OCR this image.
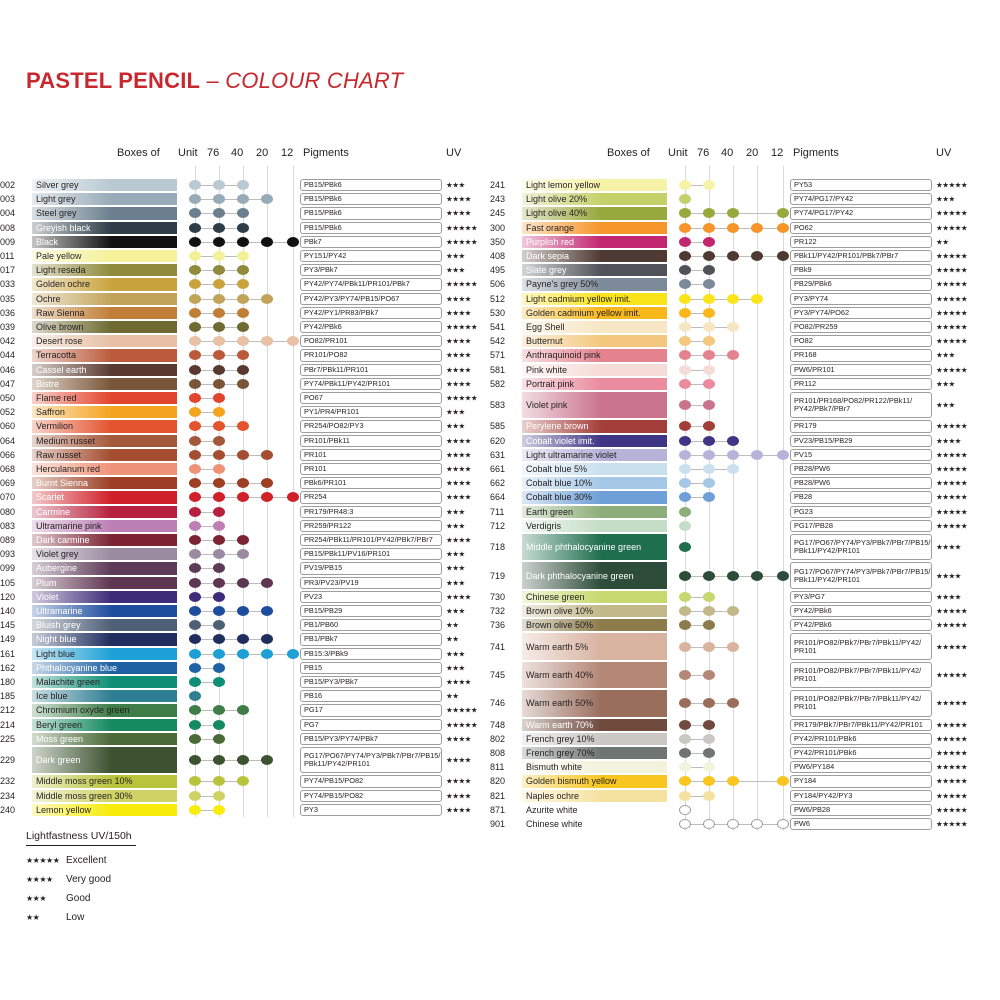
PASTEL PENCIL – COLOUR CHART
Boxes of Unit 76 40 20 12 Pigments	UV
002	Silver grey	PB15/PBk6	★★★
003	Light grey	PB15/PBk6	★★★★
004	Steel grey	PB15/PBk6	★★★★
008	Greyish black	PB15/PBk6	★★★★★
009	Black	PBk7	★★★★★
011	Pale yellow	PY151/PY42	★★★
017	Light reseda	PY3/PBk7	★★★
033	Golden ochre	PY42/PY74/PBk11/PR101/PBk7	★★★★★
035	Ochre	PY42/PY3/PY74/PB15/PO67	★★★★
036	Raw Sienna	PY42/PY1/PR83/PBk7	★★★★
039	Olive brown	PY42/PBk6	★★★★★
042	Desert rose	PO82/PR101	★★★★
044	Terracotta	PR101/PO82	★★★★
046	Cassel earth	PBr7/PBk11/PR101	★★★★
047	Bistre	PY74/PBk11/PY42/PR101	★★★★
050	Flame red	PO67	★★★★★
052	Saffron	PY1/PR4/PR101	★★★
060	Vermilion	PR254/PO82/PY3	★★★
064	Medium russet	PR101/PBk11	★★★★
066	Raw russet	PR101	★★★★
068	Herculanum red	PR101	★★★★
069	Burnt Sienna	PBk6/PR101	★★★★
070	Scarlet	PR254	★★★★
080	Carmine	PR179/PR48:3	★★★
083	Ultramarine pink	PR259/PR122	★★★
089	Dark carmine	PR254/PBk11/PR101/PY42/PBk7/PBr7	★★★★
093	Violet grey	PB15/PBk11/PV16/PR101	★★★
099	Aubergine	PV19/PB15	★★★
105	Plum	PR3/PV23/PV19	★★★
120	Violet	PV23	★★★★
140	Ultramarine	PB15/PB29	★★★
145	Bluish grey	PB1/PB60	★★
149	Night blue	PB1/PBk7	★★
161	Light blue	PB15:3/PBk9	★★★
162	Phthalocyanine blue	PB15	★★★
180	Malachite green	PB15/PY3/PBk7	★★★★
185	Ice blue	PB16	★★
212	Chromium oxyde green	PG17	★★★★★
214	Beryl green	PG7	★★★★★
225	Moss green	PB15/PY3/PY74/PBk7	★★★★
229	Dark green	PG17/PO67/PY74/PY3/PBk7/PBr7/PB15/
PBk11/PY42/PR101	★★★★
232	Middle moss green 10%	PY74/PB15/PO82	★★★★
234	Middle moss green 30%	PY74/PB15/PO82	★★★★
240	Lemon yellow	PY3	★★★★
Boxes of Unit 76 40 20 12 Pigments	UV
241	Light lemon yellow	PY53	★★★★★
243	Light olive 20%	PY74/PG17/PY42	★★★
245	Light olive 40%	PY74/PG17/PY42	★★★★★
300	Fast orange	PO62	★★★★★
350	Purplish red	PR122	★★
408	Dark sepia	PBk11/PY42/PR101/PBk7/PBr7	★★★★★
495	Slate grey	PBk9	★★★★★
506	Payne's grey 50%	PB29/PBk6	★★★★★
512	Light cadmium yellow imit.	PY3/PY74	★★★★★
530	Golden cadmium yellow imit.	PY3/PY74/PO62	★★★★★
541	Egg Shell	PO82/PR259	★★★★★
542	Butternut	PO82	★★★★★
571	Anthraquinoid pink	PR168	★★★
581	Pink white	PW6/PR101	★★★★★
582	Portrait pink	PR112	★★★
583	Violet pink	PR101/PR168/PO82/PR122/PBk11/
PY42/PBk7/PBr7	★★★
585	Perylene brown	PR179	★★★★★
620	Cobalt violet imit.	PV23/PB15/PB29	★★★★
631	Light ultramarine violet	PV15	★★★★★
661	Cobalt blue 5%	PB28/PW6	★★★★★
662	Cobalt blue 10%	PB28/PW6	★★★★★
664	Cobalt blue 30%	PB28	★★★★★
711	Earth green	PG23	★★★★★
712	Verdigris	PG17/PB28	★★★★★
718	Middle phthalocyanine green	PG17/PO67/PY74/PY3/PBk7/PBr7/PB15/
PBk11/PY42/PR101	★★★★
719	Dark phthalocyanine green	PG17/PO67/PY74/PY3/PBk7/PBr7/PB15/
PBk11/PY42/PR101	★★★★
730	Chinese green	PY3/PG7	★★★★
732	Brown olive 10%	PY42/PBk6	★★★★★
736	Brown olive 50%	PY42/PBk6	★★★★★
741	Warm earth 5%	PR101/PO82/PBk7/PBr7/PBk11/PY42/
PR101	★★★★★
745	Warm earth 40%	PR101/PO82/PBk7/PBr7/PBk11/PY42/
PR101	★★★★★
746	Warm earth 50%	PR101/PO82/PBk7/PBr7/PBk11/PY42/
PR101	★★★★★
748	Warm earth 70%	PR179/PBk7/PBr7/PBk11/PY42/PR101	★★★★★
802	French grey 10%	PY42/PR101/PBk6	★★★★★
808	French grey 70%	PY42/PR101/PBk6	★★★★★
811	Bismuth white	PW6/PY184	★★★★★
820	Golden bismuth yellow	PY184	★★★★★
821	Naples ochre	PY184/PY42/PY3	★★★★★
871	Azurite white	PW6/PB28	★★★★★
901	Chinese white	PW6	★★★★★
Lightfastness UV/150h
★★★★★ Excellent
★★★★ Very good
★★★ Good
★★	Low
